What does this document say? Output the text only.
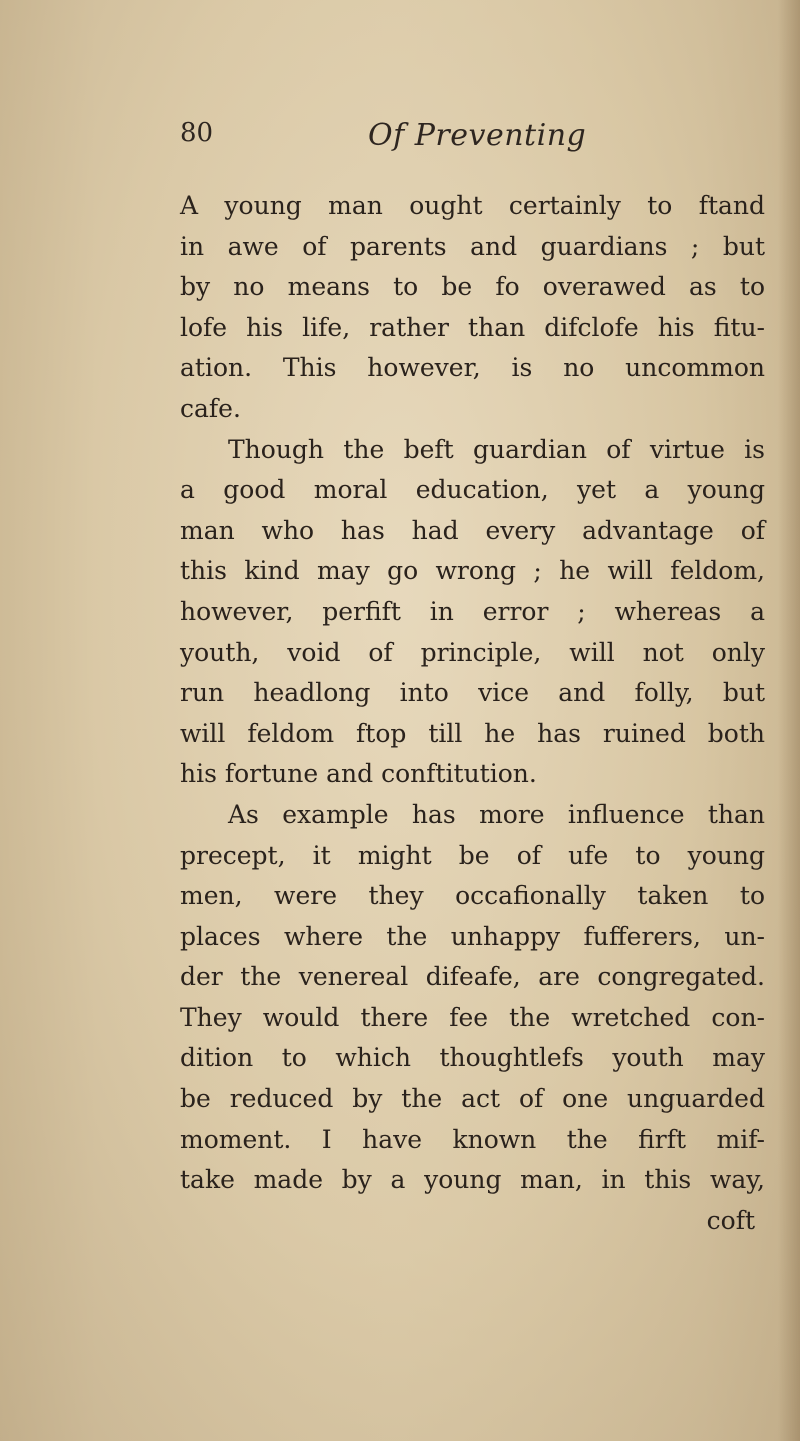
80	Of Preventing
A young man ought certainly to ftand
in awe of parents and guardians ; but
by no means to be fo overawed as to
lofe his life, rather than difclofe his fitu-
ation. This however, is no uncommon
cafe.
Though the beft guardian of virtue is
a good moral education, yet a young
man who has had every advantage of
this kind may go wrong ; he will feldom,
however, perfift in error ; whereas a
youth, void of principle, will not only
run headlong into vice and folly, but
will feldom ftop till he has ruined both
his fortune and conftitution.
As example has more influence than
precept, it might be of ufe to young
men, were they occafionally taken to
places where the unhappy fufferers, un-
der the venereal difeafe, are congregated.
They would there fee the wretched con-
dition to which thoughtlefs youth may
be reduced by the act of one unguarded
moment. I have known the firft mif-
take made by a young man, in this way,
coft
